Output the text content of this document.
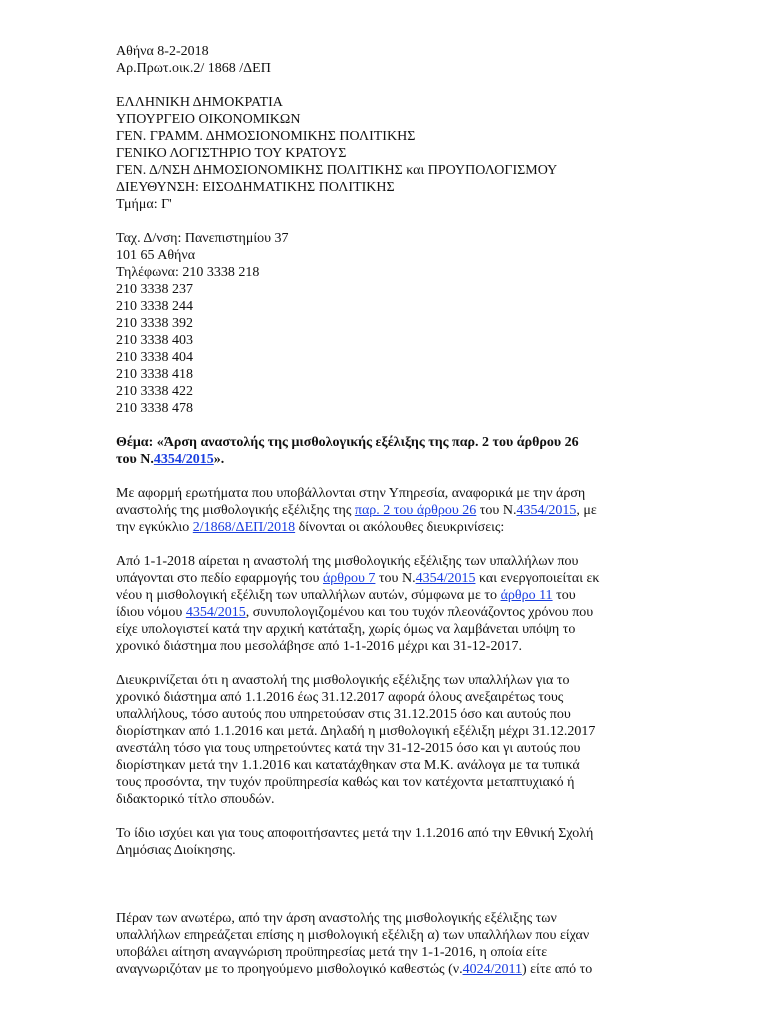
Αθήνα 8-2-2018
Αρ.Πρωτ.οικ.2/ 1868 /ΔΕΠ
ΕΛΛΗΝΙΚΗ ΔΗΜΟΚΡΑΤΙΑ
ΥΠΟΥΡΓΕΙΟ ΟΙΚΟΝΟΜΙΚΩΝ
ΓΕΝ. ΓΡΑΜΜ. ΔΗΜΟΣΙΟΝΟΜΙΚΗΣ ΠΟΛΙΤΙΚΗΣ
ΓΕΝΙΚΟ ΛΟΓΙΣΤΗΡΙΟ ΤΟΥ ΚΡΑΤΟΥΣ
ΓΕΝ. Δ/ΝΣΗ ΔΗΜΟΣΙΟΝΟΜΙΚΗΣ ΠΟΛΙΤΙΚΗΣ και ΠΡΟΥΠΟΛΟΓΙΣΜΟΥ
ΔΙΕΥΘΥΝΣΗ: ΕΙΣΟΔΗΜΑΤΙΚΗΣ ΠΟΛΙΤΙΚΗΣ
Τμήμα: Γ'
Ταχ. Δ/νση: Πανεπιστημίου 37
101 65 Αθήνα
Τηλέφωνα: 210 3338 218
210 3338 237
210 3338 244
210 3338 392
210 3338 403
210 3338 404
210 3338 418
210 3338 422
210 3338 478
Θέμα: «Άρση αναστολής της μισθολογικής εξέλιξης της παρ. 2 του άρθρου 26
του Ν.4354/2015».
Με αφορμή ερωτήματα που υποβάλλονται στην Υπηρεσία, αναφορικά με την άρση
αναστολής της μισθολογικής εξέλιξης της παρ. 2 του άρθρου 26 του Ν.4354/2015, με
την εγκύκλιο 2/1868/ΔΕΠ/2018 δίνονται οι ακόλουθες διευκρινίσεις:
Από 1-1-2018 αίρεται η αναστολή της μισθολογικής εξέλιξης των υπαλλήλων που
υπάγονται στο πεδίο εφαρμογής του άρθρου 7 του Ν.4354/2015 και ενεργοποιείται εκ
νέου η μισθολογική εξέλιξη των υπαλλήλων αυτών, σύμφωνα με το άρθρο 11 του
ίδιου νόμου 4354/2015, συνυπολογιζομένου και του τυχόν πλεονάζοντος χρόνου που
είχε υπολογιστεί κατά την αρχική κατάταξη, χωρίς όμως να λαμβάνεται υπόψη το
χρονικό διάστημα που μεσολάβησε από 1-1-2016 μέχρι και 31-12-2017.
Διευκρινίζεται ότι η αναστολή της μισθολογικής εξέλιξης των υπαλλήλων για το
χρονικό διάστημα από 1.1.2016 έως 31.12.2017 αφορά όλους ανεξαιρέτως τους
υπαλλήλους, τόσο αυτούς που υπηρετούσαν στις 31.12.2015 όσο και αυτούς που
διορίστηκαν από 1.1.2016 και μετά. Δηλαδή η μισθολογική εξέλιξη μέχρι 31.12.2017
ανεστάλη τόσο για τους υπηρετούντες κατά την 31-12-2015 όσο και γι αυτούς που
διορίστηκαν μετά την 1.1.2016 και κατατάχθηκαν στα Μ.Κ. ανάλογα με τα τυπικά
τους προσόντα, την τυχόν προϋπηρεσία καθώς και τον κατέχοντα μεταπτυχιακό ή
διδακτορικό τίτλο σπουδών.
Το ίδιο ισχύει και για τους αποφοιτήσαντες μετά την 1.1.2016 από την Εθνική Σχολή
Δημόσιας Διοίκησης.
Πέραν των ανωτέρω, από την άρση αναστολής της μισθολογικής εξέλιξης των
υπαλλήλων επηρεάζεται επίσης η μισθολογική εξέλιξη α) των υπαλλήλων που είχαν
υποβάλει αίτηση αναγνώριση προϋπηρεσίας μετά την 1-1-2016, η οποία είτε
αναγνωριζόταν με το προηγούμενο μισθολογικό καθεστώς (ν.4024/2011) είτε από το
